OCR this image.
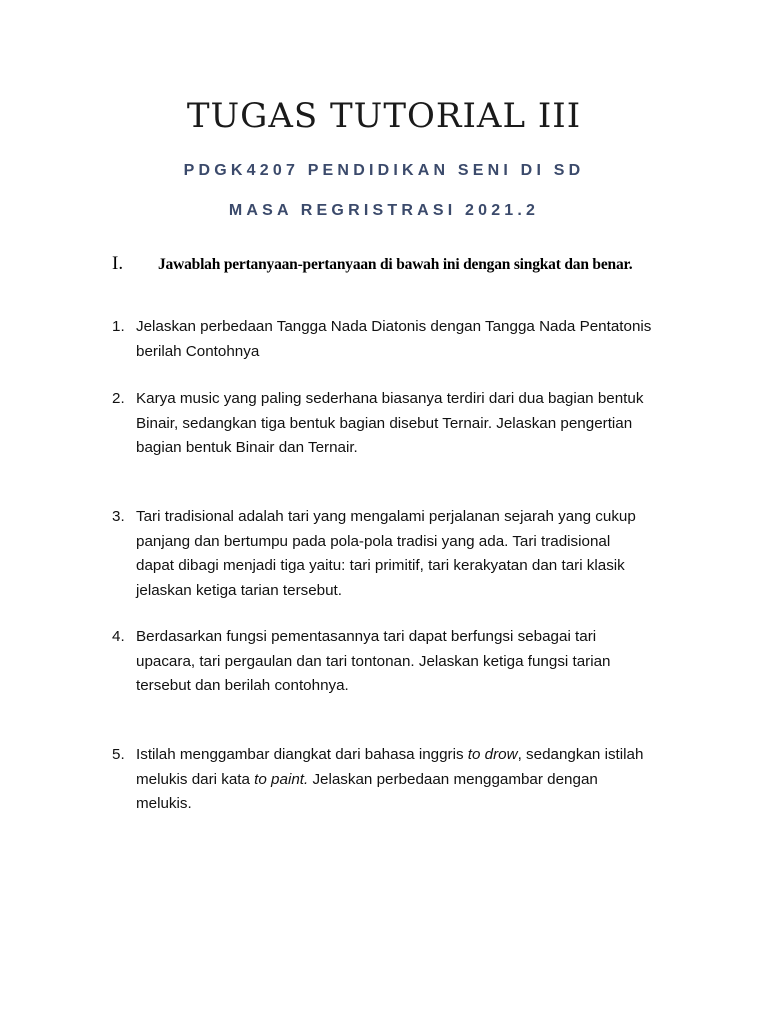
TUGAS TUTORIAL III
PDGK4207 PENDIDIKAN SENI DI SD
MASA REGRISTRASI 2021.2
I. Jawablah pertanyaan-pertanyaan di bawah ini dengan singkat dan benar.
1. Jelaskan perbedaan Tangga Nada Diatonis dengan Tangga Nada Pentatonis
berilah Contohnya
2. Karya music yang paling sederhana biasanya terdiri dari dua bagian bentuk
Binair, sedangkan tiga bentuk bagian disebut Ternair. Jelaskan pengertian
bagian bentuk Binair dan Ternair.
3. Tari tradisional adalah tari yang mengalami perjalanan sejarah yang cukup
panjang dan bertumpu pada pola-pola tradisi yang ada. Tari tradisional
dapat dibagi menjadi tiga yaitu: tari primitif, tari kerakyatan dan tari klasik
jelaskan ketiga tarian tersebut.
4. Berdasarkan fungsi pementasannya tari dapat berfungsi sebagai tari
upacara, tari pergaulan dan tari tontonan. Jelaskan ketiga fungsi tarian
tersebut dan berilah contohnya.
5. Istilah menggambar diangkat dari bahasa inggris to drow, sedangkan istilah
melukis dari kata to paint. Jelaskan perbedaan menggambar dengan
melukis.
